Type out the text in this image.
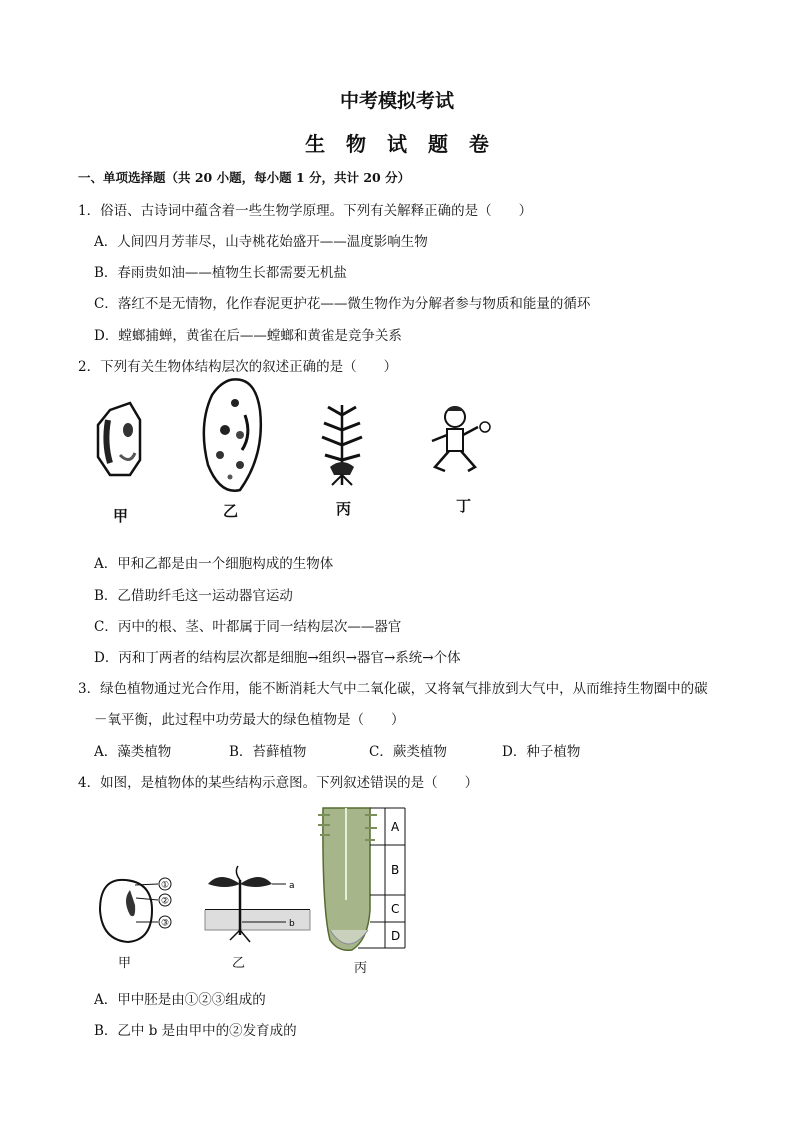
中考模拟考试
生 物 试 题 卷
一、单项选择题（共 20 小题，每小题 1 分，共计 20 分）
1．俗语、古诗词中蕴含着一些生物学原理。下列有关解释正确的是（　　）
A．人间四月芳菲尽，山寺桃花始盛开——温度影响生物
B．春雨贵如油——植物生长都需要无机盐
C．落红不是无情物，化作春泥更护花——微生物作为分解者参与物质和能量的循环
D．螳螂捕蝉，黄雀在后——螳螂和黄雀是竞争关系
2．下列有关生物体结构层次的叙述正确的是（　　）
甲	乙	丙	丁
A．甲和乙都是由一个细胞构成的生物体
B．乙借助纤毛这一运动器官运动
C．丙中的根、茎、叶都属于同一结构层次——器官
D．丙和丁两者的结构层次都是细胞→组织→器官→系统→个体
3．绿色植物通过光合作用，能不断消耗大气中二氧化碳，又将氧气排放到大气中，从而维持生物圈中的碳
－氧平衡，此过程中功劳最大的绿色植物是（　　）
A．藻类植物	B．苔藓植物	C．蕨类植物	D．种子植物
4．如图，是植物体的某些结构示意图。下列叙述错误的是（　　）
①
②
③
a
b
A
B
C
D
甲	乙	丙
A．甲中胚是由①②③组成的
B．乙中 b 是由甲中的②发育成的
